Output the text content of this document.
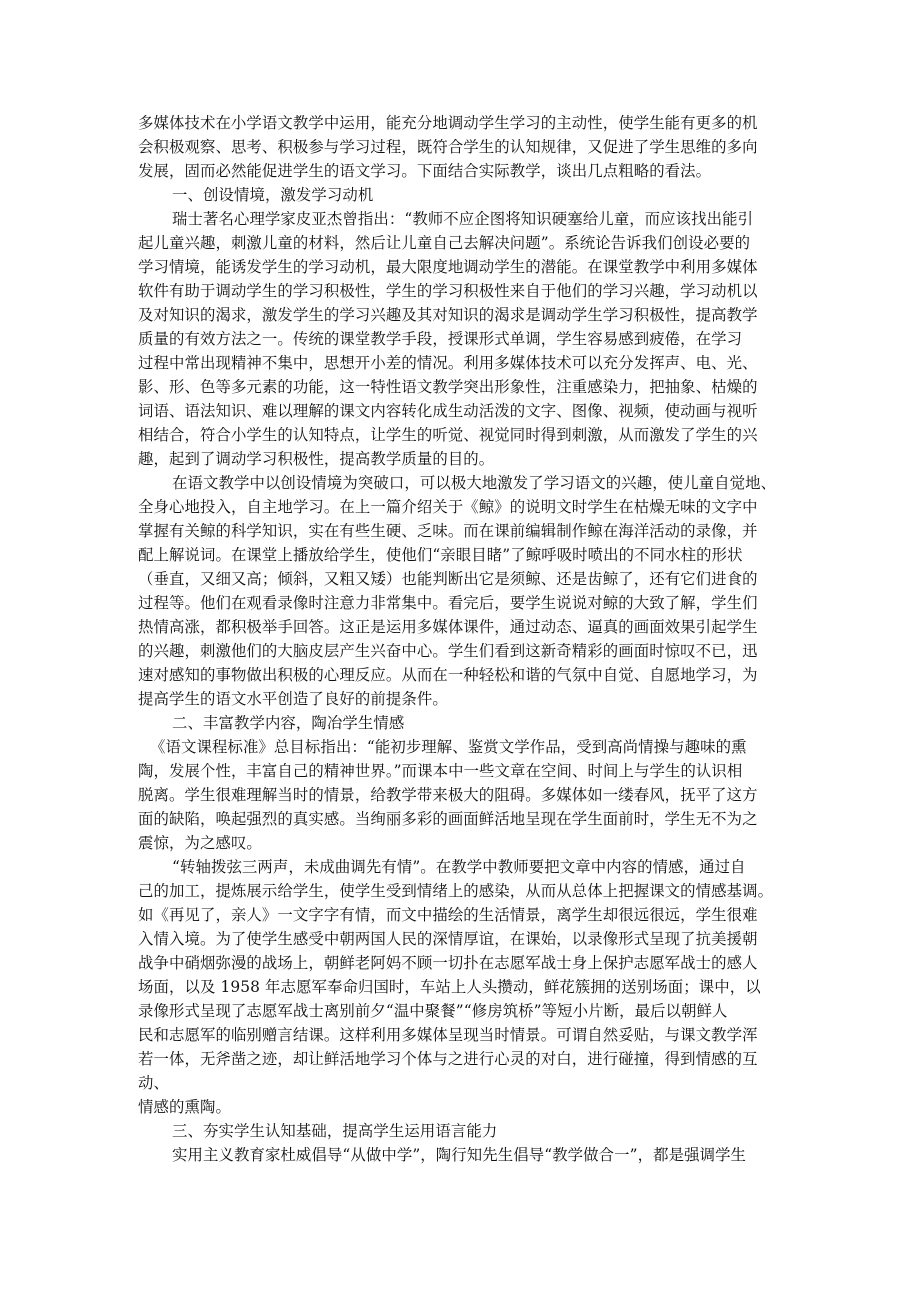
多媒体技术在小学语文教学中运用，能充分地调动学生学习的主动性，使学生能有更多的机
会积极观察、思考、积极参与学习过程，既符合学生的认知规律，又促进了学生思维的多向
发展，固而必然能促进学生的语文学习。下面结合实际教学，谈出几点粗略的看法。
一、创设情境，激发学习动机
瑞士著名心理学家皮亚杰曾指出：“教师不应企图将知识硬塞给儿童，而应该找出能引
起儿童兴趣，刺激儿童的材料，然后让儿童自己去解决问题”。系统论告诉我们创设必要的
学习情境，能诱发学生的学习动机，最大限度地调动学生的潜能。在课堂教学中利用多媒体
软件有助于调动学生的学习积极性，学生的学习积极性来自于他们的学习兴趣，学习动机以
及对知识的渴求，激发学生的学习兴趣及其对知识的渴求是调动学生学习积极性，提高教学
质量的有效方法之一。传统的课堂教学手段，授课形式单调，学生容易感到疲倦，在学习
过程中常出现精神不集中，思想开小差的情况。利用多媒体技术可以充分发挥声、电、光、
影、形、色等多元素的功能，这一特性语文教学突出形象性，注重感染力，把抽象、枯燥的
词语、语法知识、难以理解的课文内容转化成生动活泼的文字、图像、视频，使动画与视听
相结合，符合小学生的认知特点，让学生的听觉、视觉同时得到刺激，从而激发了学生的兴
趣，起到了调动学习积极性，提高教学质量的目的。
在语文教学中以创设情境为突破口，可以极大地激发了学习语文的兴趣，使儿童自觉地、
全身心地投入，自主地学习。在上一篇介绍关于《鲸》的说明文时学生在枯燥无味的文字中
掌握有关鲸的科学知识，实在有些生硬、乏味。而在课前编辑制作鲸在海洋活动的录像，并
配上解说词。在课堂上播放给学生，使他们“亲眼目睹”了鲸呼吸时喷出的不同水柱的形状
（垂直，又细又高；倾斜，又粗又矮）也能判断出它是须鲸、还是齿鲸了，还有它们进食的
过程等。他们在观看录像时注意力非常集中。看完后，要学生说说对鲸的大致了解，学生们
热情高涨，都积极举手回答。这正是运用多媒体课件，通过动态、逼真的画面效果引起学生
的兴趣，刺激他们的大脑皮层产生兴奋中心。学生们看到这新奇精彩的画面时惊叹不已，迅
速对感知的事物做出积极的心理反应。从而在一种轻松和谐的气氛中自觉、自愿地学习，为
提高学生的语文水平创造了良好的前提条件。
二、丰富教学内容，陶冶学生情感
《语文课程标准》总目标指出：“能初步理解、鉴赏文学作品，受到高尚情操与趣味的熏
陶，发展个性，丰富自己的精神世界。”而课本中一些文章在空间、时间上与学生的认识相
脱离。学生很难理解当时的情景，给教学带来极大的阻碍。多媒体如一缕春风，抚平了这方
面的缺陷，唤起强烈的真实感。当绚丽多彩的画面鲜活地呈现在学生面前时，学生无不为之
震惊，为之感叹。
“转轴拨弦三两声，未成曲调先有情”。在教学中教师要把文章中内容的情感，通过自
己的加工，提炼展示给学生，使学生受到情绪上的感染，从而从总体上把握课文的情感基调。
如《再见了，亲人》一文字字有情，而文中描绘的生活情景，离学生却很远很远，学生很难
入情入境。为了使学生感受中朝两国人民的深情厚谊，在课始，以录像形式呈现了抗美援朝
战争中硝烟弥漫的战场上，朝鲜老阿妈不顾一切扑在志愿军战士身上保护志愿军战士的感人
场面，以及 1958 年志愿军奉命归国时，车站上人头攒动，鲜花簇拥的送别场面；课中，以
录像形式呈现了志愿军战士离别前夕“温中聚餐”“修房筑桥”等短小片断，最后以朝鲜人
民和志愿军的临别赠言结课。这样利用多媒体呈现当时情景。可谓自然妥贴，与课文教学浑
若一体，无斧凿之迹，却让鲜活地学习个体与之进行心灵的对白，进行碰撞，得到情感的互
动、
情感的熏陶。
三、夯实学生认知基础，提高学生运用语言能力
实用主义教育家杜威倡导“从做中学”，陶行知先生倡导“教学做合一”，都是强调学生
